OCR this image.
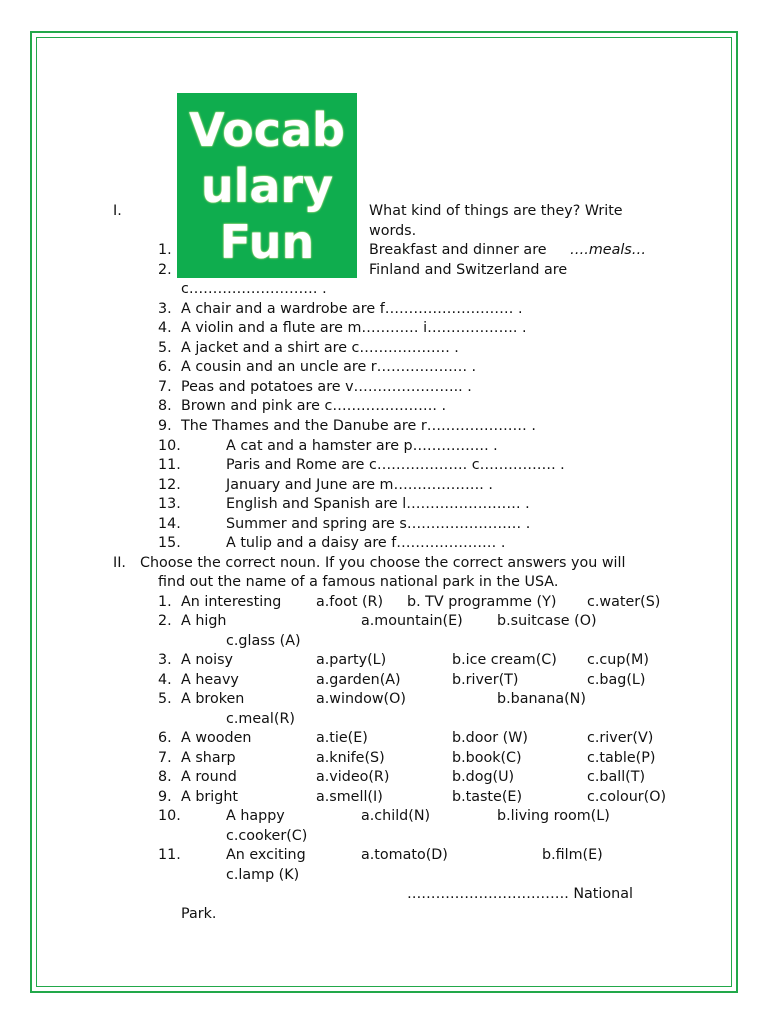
Vocab
ulary
Fun
I.	What kind of things are they? Write
words.
1.	Breakfast and dinner are ….meals…
2.	Finland and Switzerland are
c……………………… .
3. A chair and a wardrobe are f……………………… .
4. A violin and a flute are m………… i………………. .
5. A jacket and a shirt are c………………. .
6. A cousin and an uncle are r………………. .
7. Peas and potatoes are v………………….. .
8. Brown and pink are c…………………. .
9. The Thames and the Danube are r………………… .
10.	A cat and a hamster are p……………. .
11.	Paris and Rome are c………………. c……………. .
12.	January and June are m………………. .
13.	English and Spanish are l…………………… .
14.	Summer and spring are s…………………… .
15.	A tulip and a daisy are f………………… .
II. Choose the correct noun. If you choose the correct answers you will
find out the name of a famous national park in the USA.
1. An interesting a.foot (R) b. TV programme (Y) c.water(S)
2. A high	a.mountain(E) b.suitcase (O)
c.glass (A)
3. A noisy	a.party(L)	b.ice cream(C) c.cup(M)
4. A heavy	a.garden(A)	b.river(T)	c.bag(L)
5. A broken	a.window(O)	b.banana(N)
c.meal(R)
6. A wooden	a.tie(E)	b.door (W)	c.river(V)
7. A sharp	a.knife(S)	b.book(C)	c.table(P)
8. A round	a.video(R)	b.dog(U)	c.ball(T)
9. A bright	a.smell(I)	b.taste(E)	c.colour(O)
10.	A happy	a.child(N)	b.living room(L)
c.cooker(C)
11.	An exciting	a.tomato(D)	b.film(E)
c.lamp (K)
……………………………. National
Park.
